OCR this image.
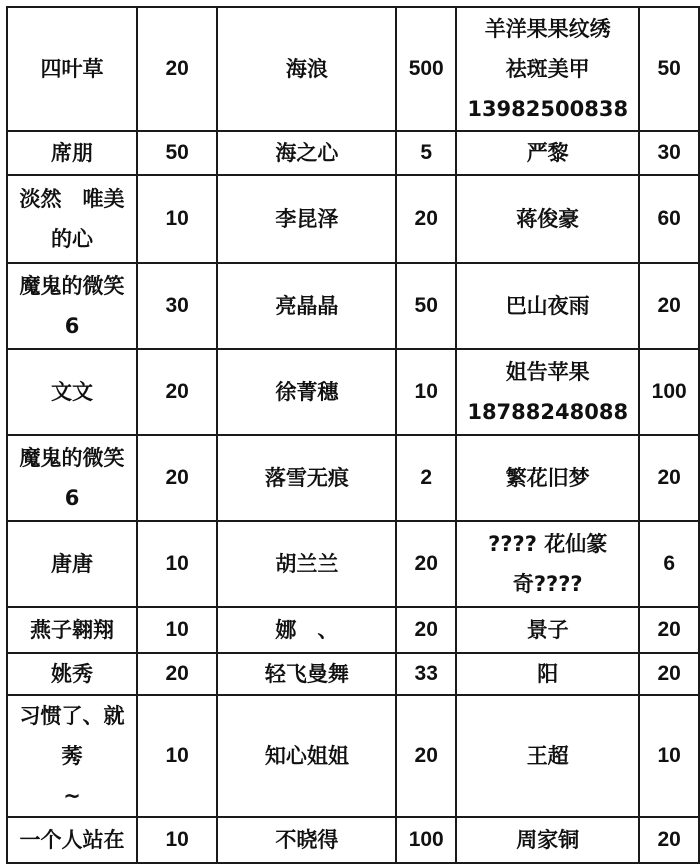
四叶草	20	海浪	500	羊洋果果纹绣
祛斑美甲
13982500838	50

席朋	50	海之心	5	严黎	30

淡然　唯美
的心	10	李昆泽	20	蒋俊豪	60

魔鬼的微笑
6	30	亮晶晶	50	巴山夜雨	20

文文	20	徐菁穗	10	姐告苹果
18788248088	100

魔鬼的微笑
6	20	落雪无痕	2	繁花旧梦	20

唐唐	10	胡兰兰	20	???? 花仙篆
奇????	6

燕子翱翔	10	娜　、	20	景子	20

姚秀	20	轻飞曼舞	33	阳	20

习惯了、就莠
~	10	知心姐姐	20	王超	10

一个人站在	10	不晓得	100	周家铜	20
